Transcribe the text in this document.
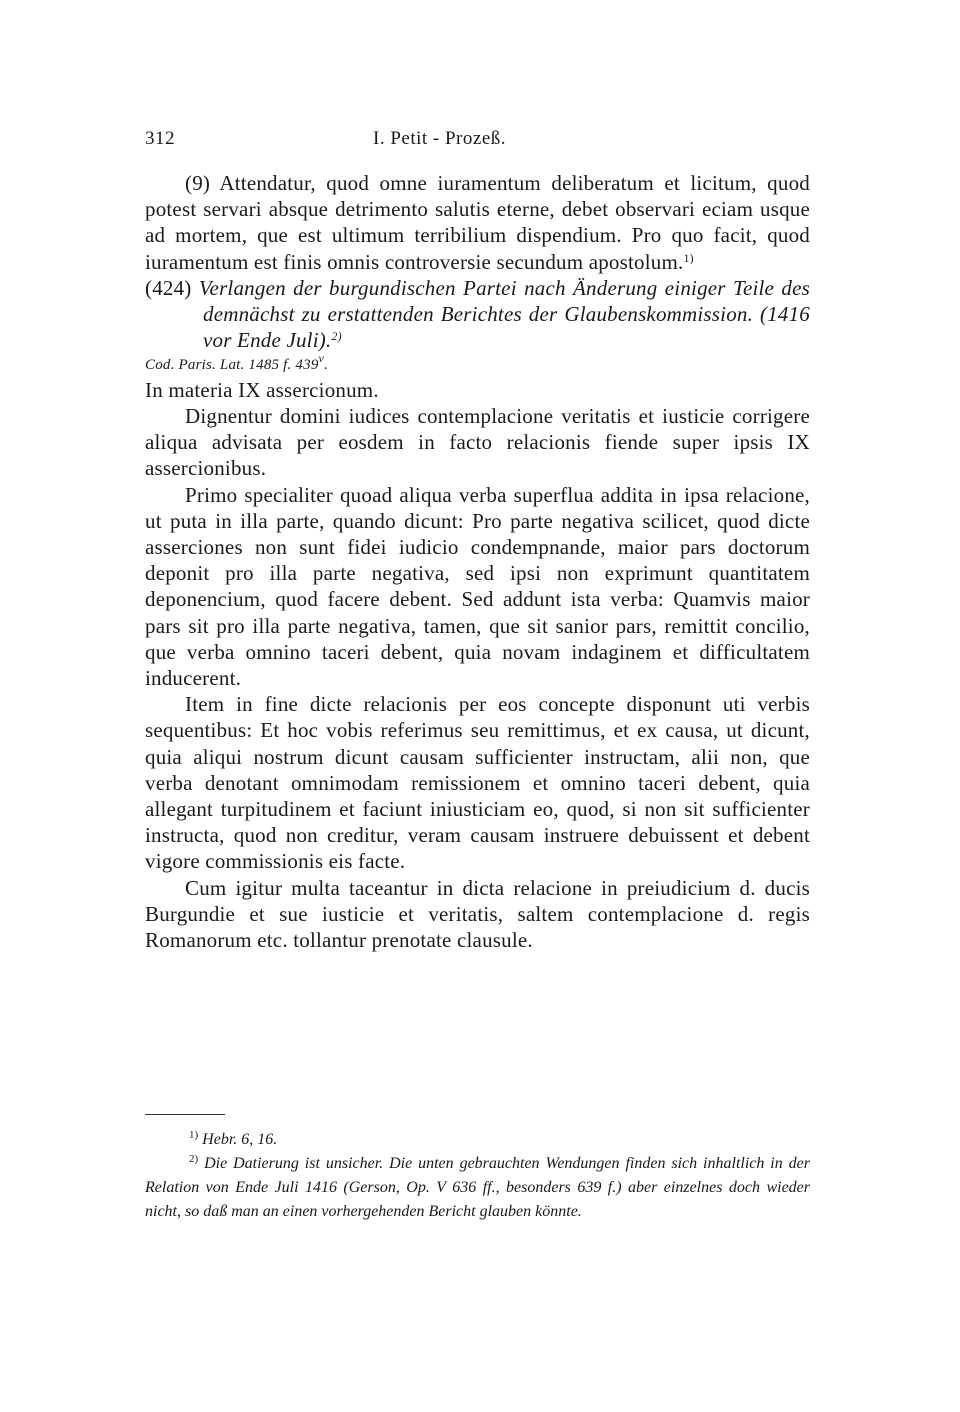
312	I. Petit - Prozeß.

(9) Attendatur, quod omne iuramentum deliberatum et licitum, quod potest servari absque detrimento salutis eterne, debet observari eciam usque ad mortem, que est ultimum terribilium dispendium. Pro quo facit, quod iuramentum est finis omnis controversie secundum apostolum.$^{1)}$

(424) Verlangen der burgundischen Partei nach Änderung einiger Teile des demnächst zu erstattenden Berichtes der Glaubenskommission. (1416 vor Ende Juli).$^{2)}$

Cod. Paris. Lat. 1485 f. 439$^v$.

In materia IX assercionum.

Dignentur domini iudices contemplacione veritatis et iusticie corrigere aliqua advisata per eosdem in facto relacionis fiende super ipsis IX assercionibus.

Primo specialiter quoad aliqua verba superflua addita in ipsa relacione, ut puta in illa parte, quando dicunt: Pro parte negativa scilicet, quod dicte asserciones non sunt fidei iudicio condempnande, maior pars doctorum deponit pro illa parte negativa, sed ipsi non exprimunt quantitatem deponencium, quod facere debent. Sed addunt ista verba: Quamvis maior pars sit pro illa parte negativa, tamen, que sit sanior pars, remittit concilio, que verba omnino taceri debent, quia novam indaginem et difficultatem inducerent.

Item in fine dicte relacionis per eos concepte disponunt uti verbis sequentibus: Et hoc vobis referimus seu remittimus, et ex causa, ut dicunt, quia aliqui nostrum dicunt causam sufficienter instructam, alii non, que verba denotant omnimodam remissionem et omnino taceri debent, quia allegant turpitudinem et faciunt iniusticiam eo, quod, si non sit sufficienter instructa, quod non creditur, veram causam instruere debuissent et debent vigore commissionis eis facte.

Cum igitur multa taceantur in dicta relacione in preiudicium d. ducis Burgundie et sue iusticie et veritatis, saltem contemplacione d. regis Romanorum etc. tollantur prenotate clausule.

$^{1)}$ Hebr. 6, 16.

$^{2)}$ Die Datierung ist unsicher. Die unten gebrauchten Wendungen finden sich inhaltlich in der Relation von Ende Juli 1416 (Gerson, Op. V 636 ff., besonders 639 f.) aber einzelnes doch wieder nicht, so daß man an einen vorhergehenden Bericht glauben könnte.
